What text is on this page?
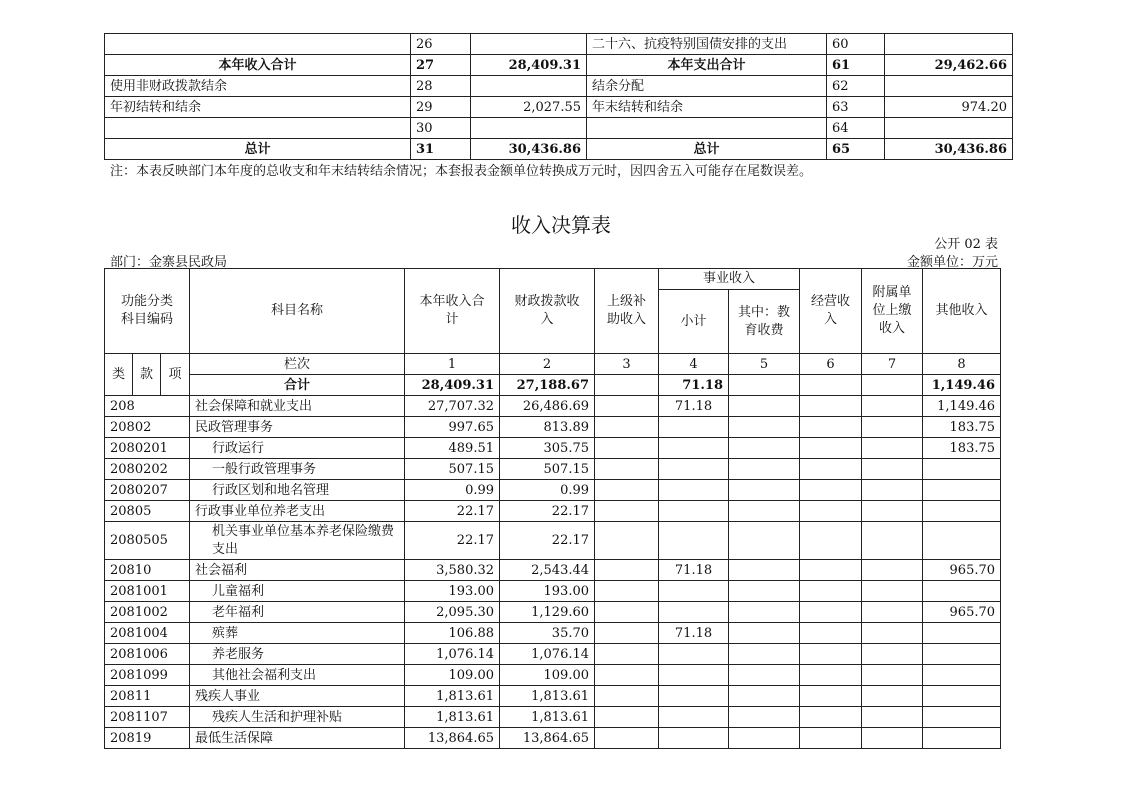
	26		二十六、抗疫特别国债安排的支出	60	
本年收入合计	27	28,409.31	本年支出合计	61	29,462.66
使用非财政拨款结余	28		结余分配	62	
年初结转和结余	29	2,027.55	年末结转和结余	63	974.20
	30			64	
总计	31	30,436.86	总计	65	30,436.86
注：本表反映部门本年度的总收支和年末结转结余情况；本套报表金额单位转换成万元时，因四舍五入可能存在尾数误差。
收入决算表
公开 02 表
部门：金寨县民政局	金额单位：万元
功能分类科目编码			科目名称	本年收入合计	财政拨款收入	上级补助收入	事业收入		经营收入	附属单位上缴收入	其他收入
							小计	其中：教育收费			

类	款	项	栏次	1	2	3	4	5	6	7	8
			合计	28,409.31	27,188.67		71.18				1,149.46
208			社会保障和就业支出	27,707.32	26,486.69		71.18				1,149.46
20802			民政管理事务	997.65	813.89						183.75
2080201			行政运行	489.51	305.75						183.75
2080202			一般行政管理事务	507.15	507.15						
2080207			行政区划和地名管理	0.99	0.99						
20805			行政事业单位养老支出	22.17	22.17						
2080505			机关事业单位基本养老保险缴费支出	22.17	22.17						
20810			社会福利	3,580.32	2,543.44		71.18				965.70
2081001			儿童福利	193.00	193.00						
2081002			老年福利	2,095.30	1,129.60						965.70
2081004			殡葬	106.88	35.70		71.18				
2081006			养老服务	1,076.14	1,076.14						
2081099			其他社会福利支出	109.00	109.00						
20811			残疾人事业	1,813.61	1,813.61						
2081107			残疾人生活和护理补贴	1,813.61	1,813.61						
20819			最低生活保障	13,864.65	13,864.65						
